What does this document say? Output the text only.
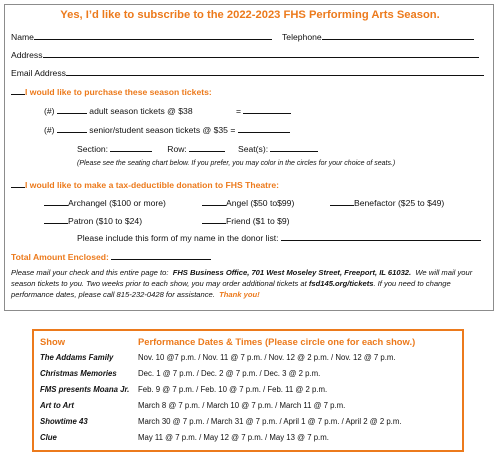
Yes, I’d like to subscribe to the 2022-2023 FHS Performing Arts Season.
Name	Telephone
Address
Email Address
I would like to purchase these season tickets:
(#)	adult season tickets @ $38	=
(#)	senior/student season tickets @ $35 =
Section:	Row:	Seat(s):
(Please see the seating chart below. If you prefer, you may color in the circles for your choice of seats.)
I would like to make a tax-deductible donation to FHS Theatre:
Archangel ($100 or more)	Angel ($50 to$99)	Benefactor ($25 to $49)
Patron ($10 to $24)	Friend ($1 to $9)
Please include this form of my name in the donor list:
Total Amount Enclosed:
Please mail your check and this entire page to: FHS Business Office, 701 West Moseley Street, Freeport, IL 61032. We will mail your season tickets to you. Two weeks prior to each show, you may order additional tickets at fsd145.org/tickets. If you need to change performance dates, please call 815-232-0428 for assistance. Thank you!
Show	Performance Dates & Times (Please circle one for each show.)
The Addams Family	Nov. 10 @7 p.m. / Nov. 11 @ 7 p.m. / Nov. 12 @ 2 p.m. / Nov. 12 @ 7 p.m.
Christmas Memories	Dec. 1 @ 7 p.m. / Dec. 2 @ 7 p.m. / Dec. 3 @ 2 p.m.
FMS presents Moana Jr. Feb. 9 @ 7 p.m. / Feb. 10 @ 7 p.m. / Feb. 11 @ 2 p.m.
Art to Art	March 8 @ 7 p.m. / March 10 @ 7 p.m. / March 11 @ 7 p.m.
Showtime 43	March 30 @ 7 p.m. / March 31 @ 7 p.m. / April 1 @ 7 p.m. / April 2 @ 2 p.m.
Clue	May 11 @ 7 p.m. / May 12 @ 7 p.m. / May 13 @ 7 p.m.
